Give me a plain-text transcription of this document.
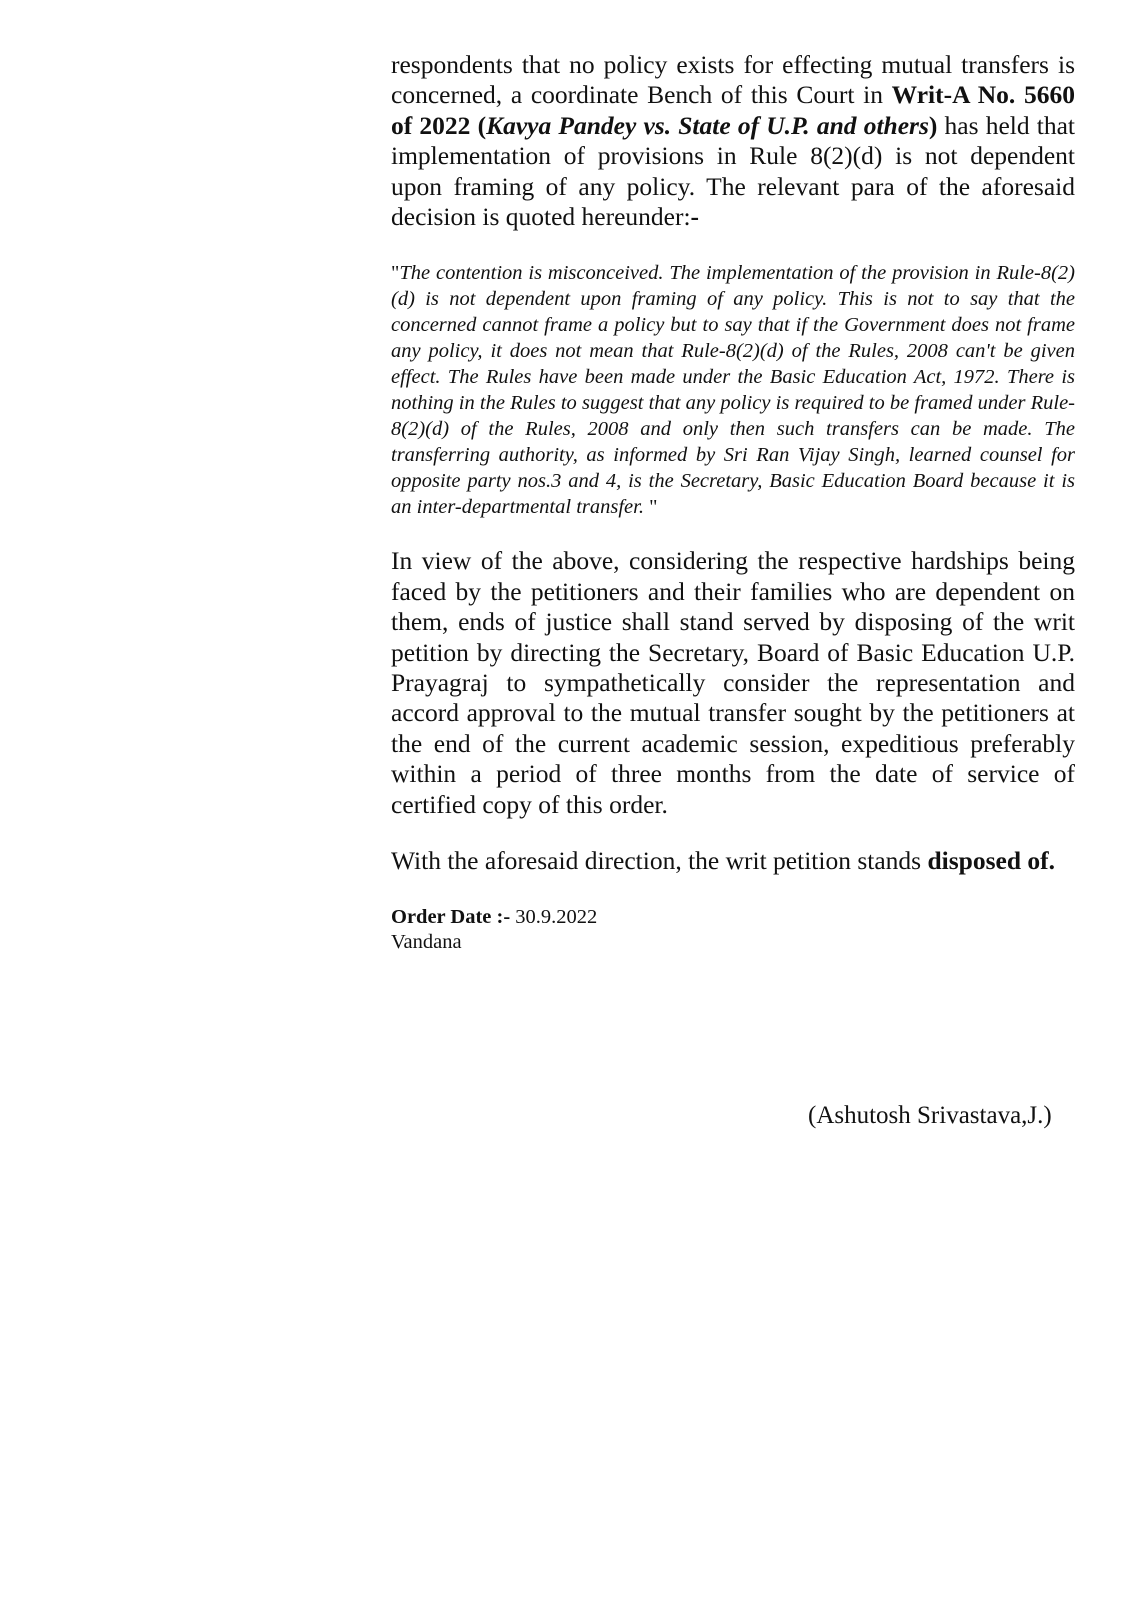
respondents that no policy exists for effecting mutual transfers is concerned, a coordinate Bench of this Court in Writ-A No. 5660 of 2022 (Kavya Pandey vs. State of U.P. and others) has held that implementation of provisions in Rule 8(2)(d) is not dependent upon framing of any policy. The relevant para of the aforesaid decision is quoted hereunder:-

"The contention is misconceived. The implementation of the provision in Rule-8(2)(d) is not dependent upon framing of any policy. This is not to say that the concerned cannot frame a policy but to say that if the Government does not frame any policy, it does not mean that Rule-8(2)(d) of the Rules, 2008 can't be given effect. The Rules have been made under the Basic Education Act, 1972. There is nothing in the Rules to suggest that any policy is required to be framed under Rule-8(2)(d) of the Rules, 2008 and only then such transfers can be made. The transferring authority, as informed by Sri Ran Vijay Singh, learned counsel for opposite party nos.3 and 4, is the Secretary, Basic Education Board because it is an inter-departmental transfer. "

In view of the above, considering the respective hardships being faced by the petitioners and their families who are dependent on them, ends of justice shall stand served by disposing of the writ petition by directing the Secretary, Board of Basic Education U.P. Prayagraj to sympathetically consider the representation and accord approval to the mutual transfer sought by the petitioners at the end of the current academic session, expeditious preferably within a period of three months from the date of service of certified copy of this order.

With the aforesaid direction, the writ petition stands disposed of.

Order Date :- 30.9.2022
Vandana
(Ashutosh Srivastava,J.)
